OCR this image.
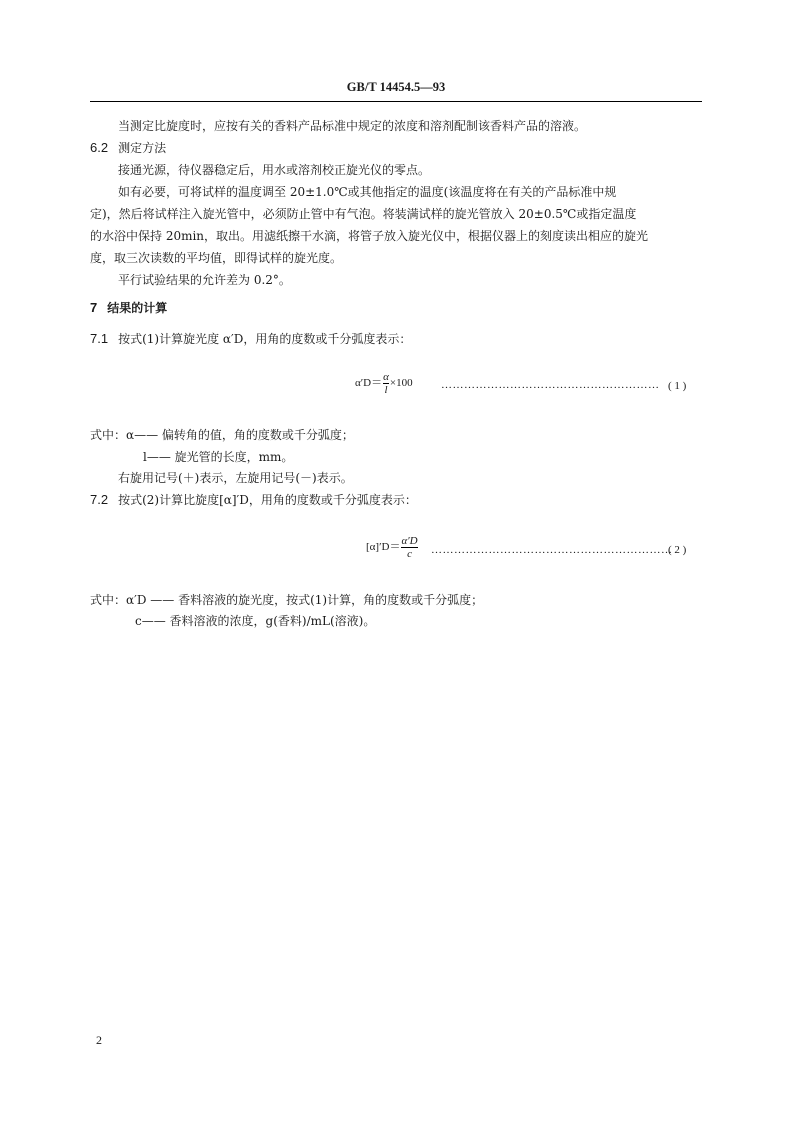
GB/T 14454.5—93
当测定比旋度时，应按有关的香料产品标准中规定的浓度和溶剂配制该香料产品的溶液。
6.2 测定方法
接通光源，待仪器稳定后，用水或溶剂校正旋光仪的零点。
如有必要，可将试样的温度调至 20±1.0℃或其他指定的温度(该温度将在有关的产品标准中规
定)，然后将试样注入旋光管中，必须防止管中有气泡。将装满试样的旋光管放入 20±0.5℃或指定温度
的水浴中保持 20min，取出。用滤纸擦干水滴，将管子放入旋光仪中，根据仪器上的刻度读出相应的旋光
度，取三次读数的平均值，即得试样的旋光度。
平行试验结果的允许差为 0.2°。
7 结果的计算
7.1 按式(1)计算旋光度 α′D，用角的度数或千分弧度表示：
$\alpha'D= \frac{\alpha}{l} \times 100$	………………………………………………… ( 1 )
式中：α—— 偏转角的值，角的度数或千分弧度；
l—— 旋光管的长度，mm。
右旋用记号(＋)表示，左旋用记号(－)表示。
7.2 按式(2)计算比旋度[α]′D，用角的度数或千分弧度表示：
$[\alpha]'D= \frac{\alpha'D}{c}$ ………………………………………………………
( 2 )
式中：α′D —— 香料溶液的旋光度，按式(1)计算，角的度数或千分弧度；
c—— 香料溶液的浓度，g(香料)/mL(溶液)。
2
